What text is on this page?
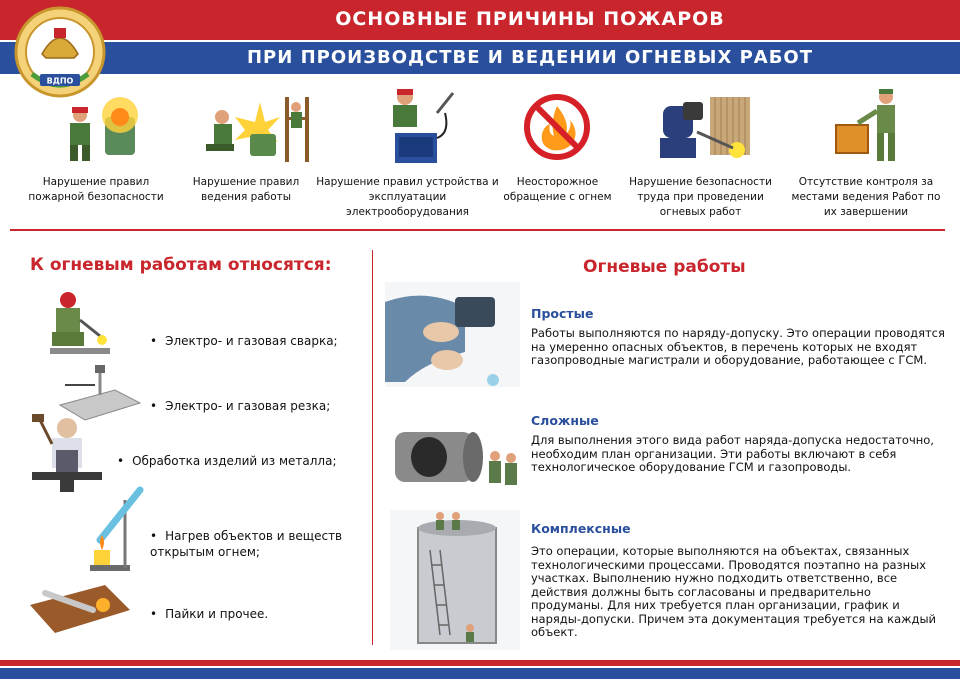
ОСНОВНЫЕ ПРИЧИНЫ ПОЖАРОВ
ПРИ ПРОИЗВОДСТВЕ И ВЕДЕНИИ ОГНЕВЫХ РАБОТ
ВДПО
Нарушение правил пожарной безопасности
Нарушение правил ведения работы
Нарушение правил устройства и эксплуатации электрооборудования
Неосторожное обращение с огнем
Нарушение безопасности труда при проведении огневых работ
Отсутствие контроля за местами ведения Работ по их завершении
К огневым работам относятся:
• Электро- и газовая сварка;
• Электро- и газовая резка;
• Обработка изделий из металла;
• Нагрев объектов и веществ открытым огнем;
• Пайки и прочее.
Огневые работы
Простые
Работы выполняются по наряду-допуску. Это операции проводятся на умеренно опасных объектов, в перечень которых не входят газопроводные магистрали и оборудование, работающее с ГСМ.
Сложные
Для выполнения этого вида работ наряда-допуска недостаточно, необходим план организации. Эти работы включают в себя технологическое оборудование ГСМ и газопроводы.
Комплексные
Это операции, которые выполняются на объектах, связанных технологическими процессами. Проводятся поэтапно на разных участках. Выполнению нужно подходить ответственно, все действия должны быть согласованы и предварительно продуманы. Для них требуется план организации, график и наряды-допуски. Причем эта документация требуется на каждый объект.
